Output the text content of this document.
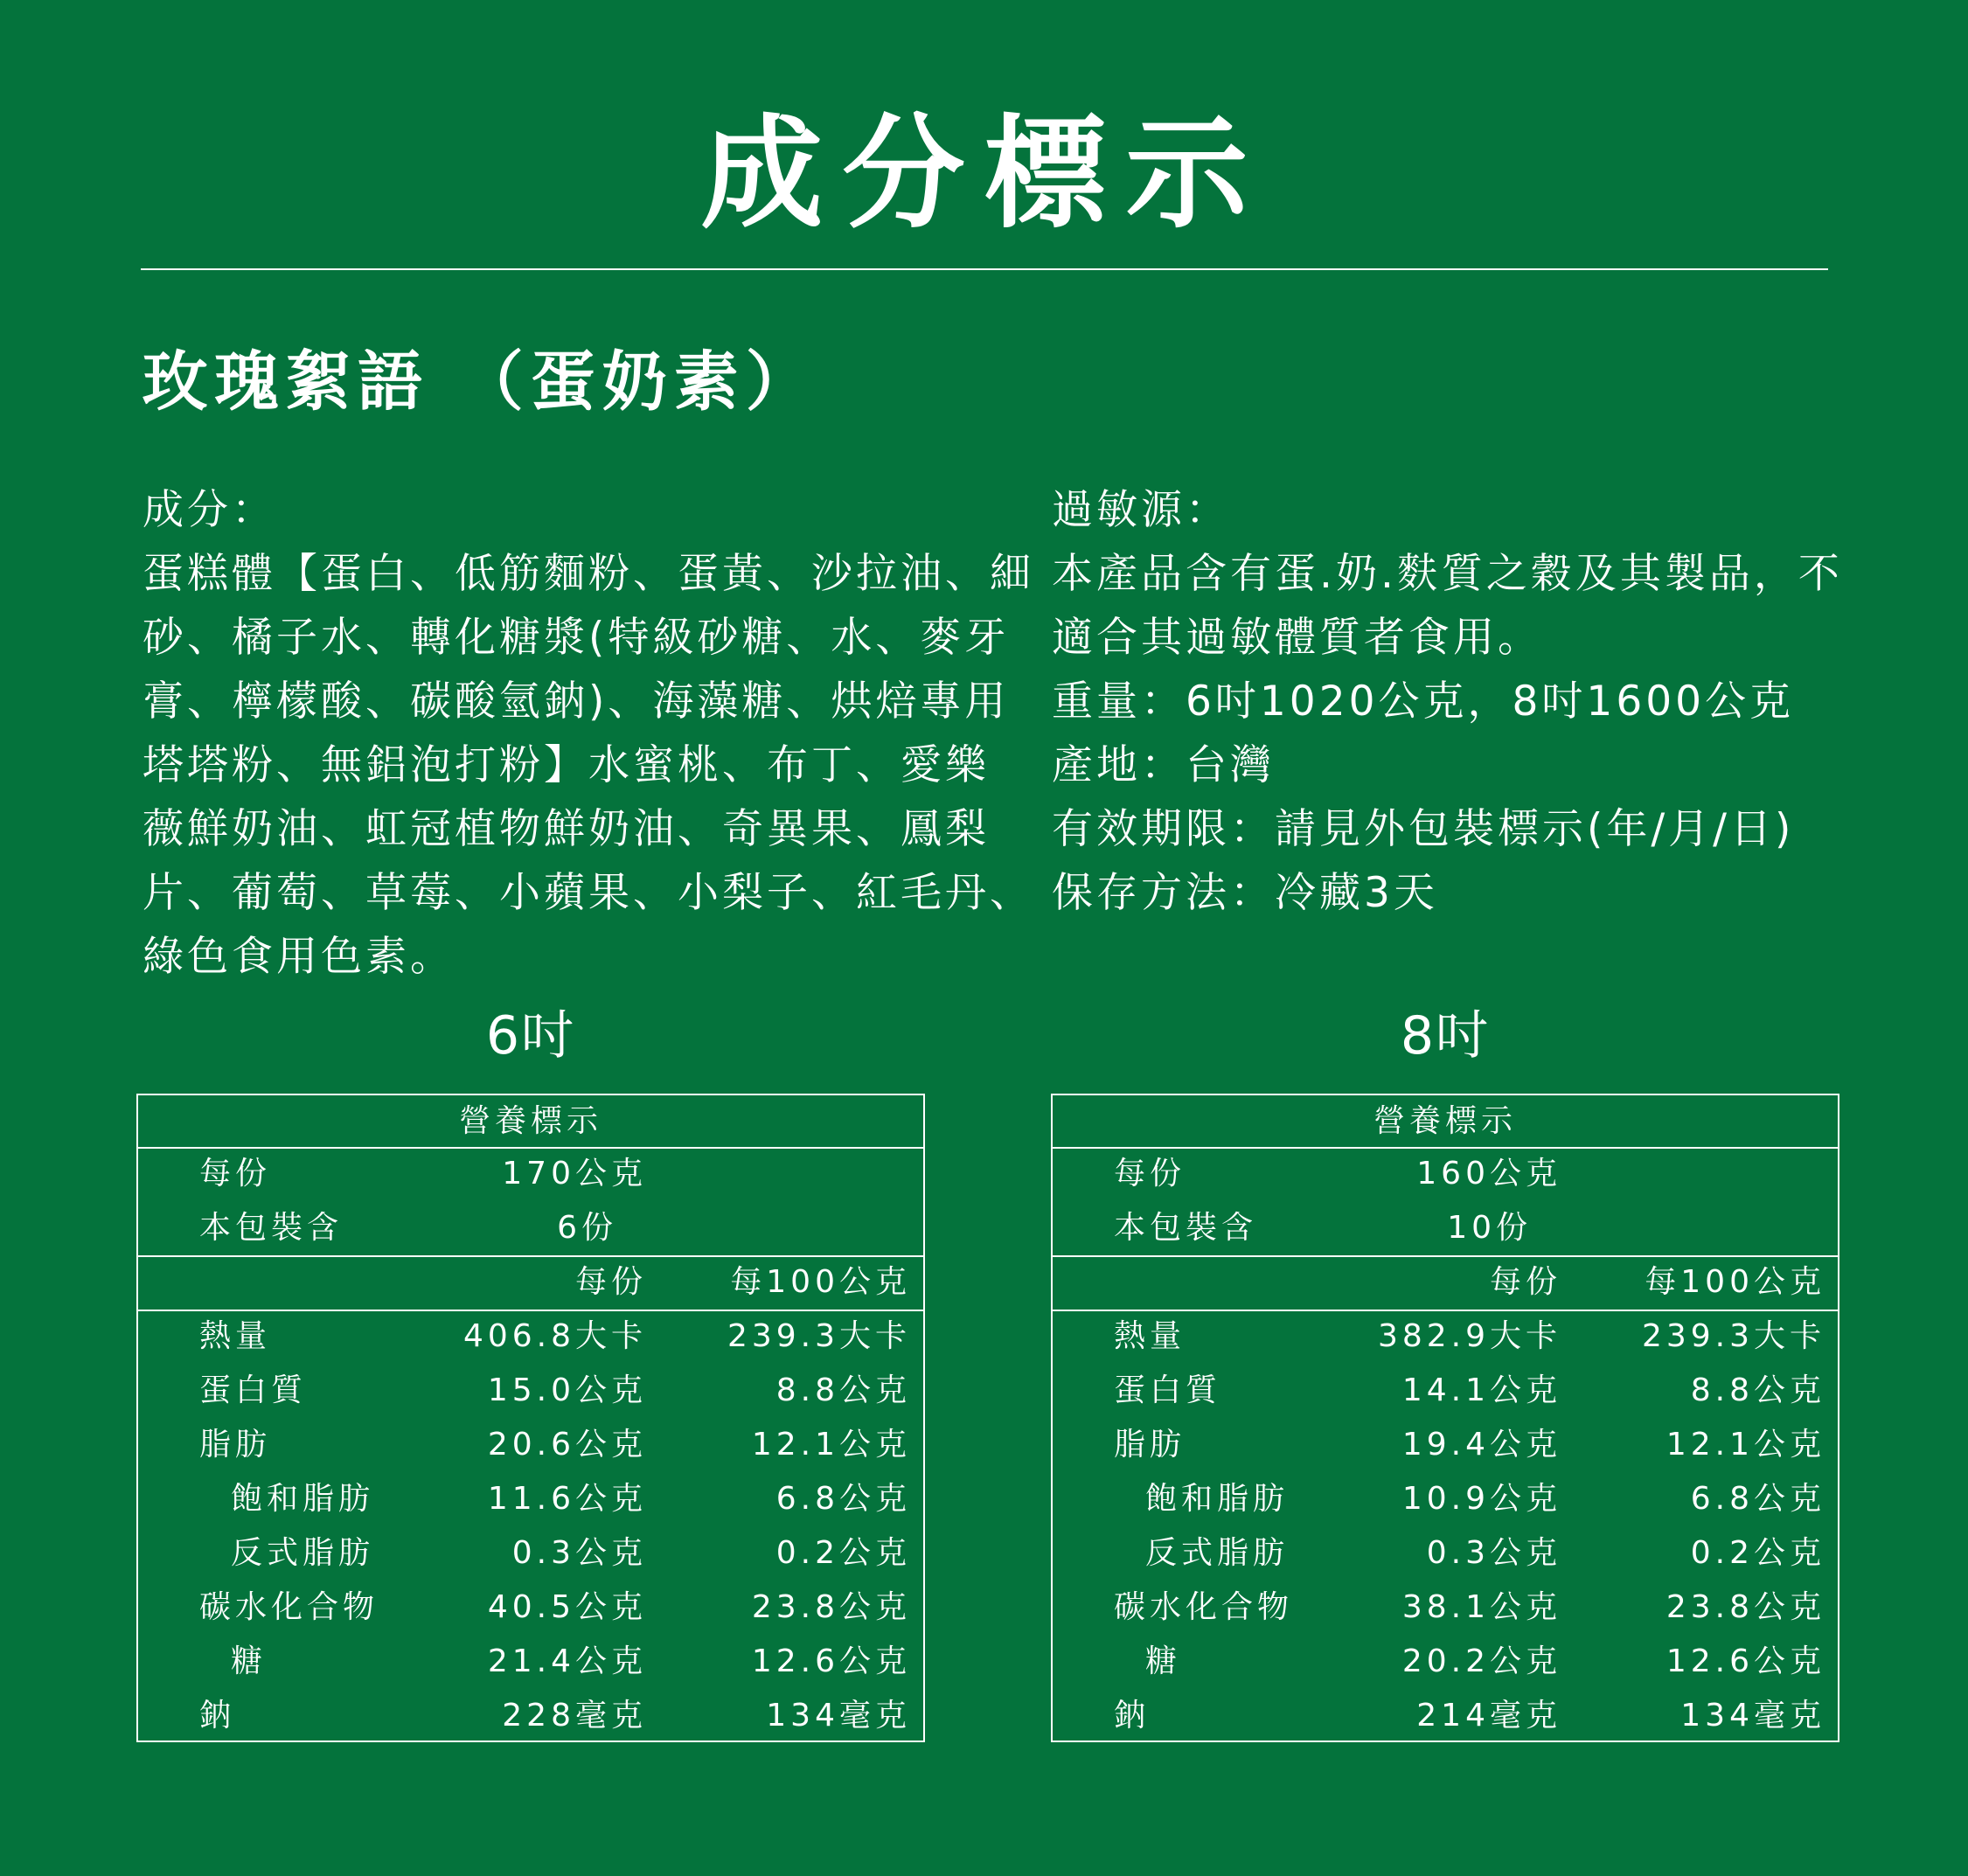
成分標示
玫瑰絮語 （蛋奶素）
成分：
蛋糕體【蛋白、低筋麵粉、蛋黃、沙拉油、細
砂、橘子水、轉化糖漿(特級砂糖、水、麥牙
膏、檸檬酸、碳酸氫鈉)、海藻糖、烘焙專用
塔塔粉、無鋁泡打粉】水蜜桃、布丁、愛樂
薇鮮奶油、虹冠植物鮮奶油、奇異果、鳳梨
片、葡萄、草莓、小蘋果、小梨子、紅毛丹、
綠色食用色素。
過敏源：
本產品含有蛋.奶.麩質之穀及其製品，不
適合其過敏體質者食用。
重量：6吋1020公克，8吋1600公克
產地：台灣
有效期限：請見外包裝標示(年/月/日)
保存方法：冷藏3天
6吋	8吋
營養標示
每份	170公克
本包裝含	6份
每份	每100公克
熱量	406.8大卡	239.3大卡
蛋白質	15.0公克	8.8公克
脂肪	20.6公克	12.1公克
飽和脂肪	11.6公克	6.8公克
反式脂肪	0.3公克	0.2公克
碳水化合物	40.5公克	23.8公克
糖	21.4公克	12.6公克
鈉	228毫克	134毫克
營養標示
每份	160公克
本包裝含	10份
每份	每100公克
熱量	382.9大卡	239.3大卡
蛋白質	14.1公克	8.8公克
脂肪	19.4公克	12.1公克
飽和脂肪	10.9公克	6.8公克
反式脂肪	0.3公克	0.2公克
碳水化合物	38.1公克	23.8公克
糖	20.2公克	12.6公克
鈉	214毫克	134毫克
